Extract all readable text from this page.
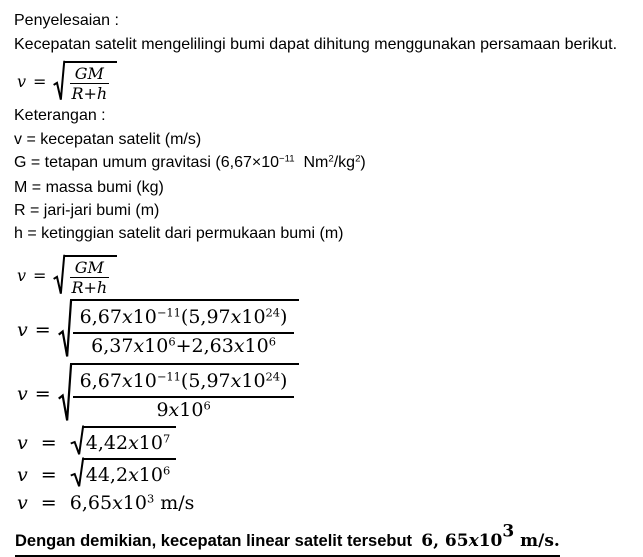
Penyelesaian :
Kecepatan satelit mengelilingi bumi dapat dihitung menggunakan persamaan berikut.
$v = \frac{GM}{R+h}$
Keterangan :
v = kecepatan satelit (m/s)
G = tetapan umum gravitasi (6,67×10−11  Nm2/kg2)
M = massa bumi (kg)
R = jari-jari bumi (m)
h = ketinggian satelit dari permukaan bumi (m)
$v = \frac{GM}{R+h}$
$v = \frac{6,67x10-11(5,97x1024)}{6,37x106+2,63x106}$
$v = \frac{6,67x10-11(5,97x1024)}{9x106}$
v = 4,42x107
v = 44,2x106
v = 6,65x103 m/s
Dengan demikian, kecepatan linear satelit tersebut  6, 65x103 m/s.
